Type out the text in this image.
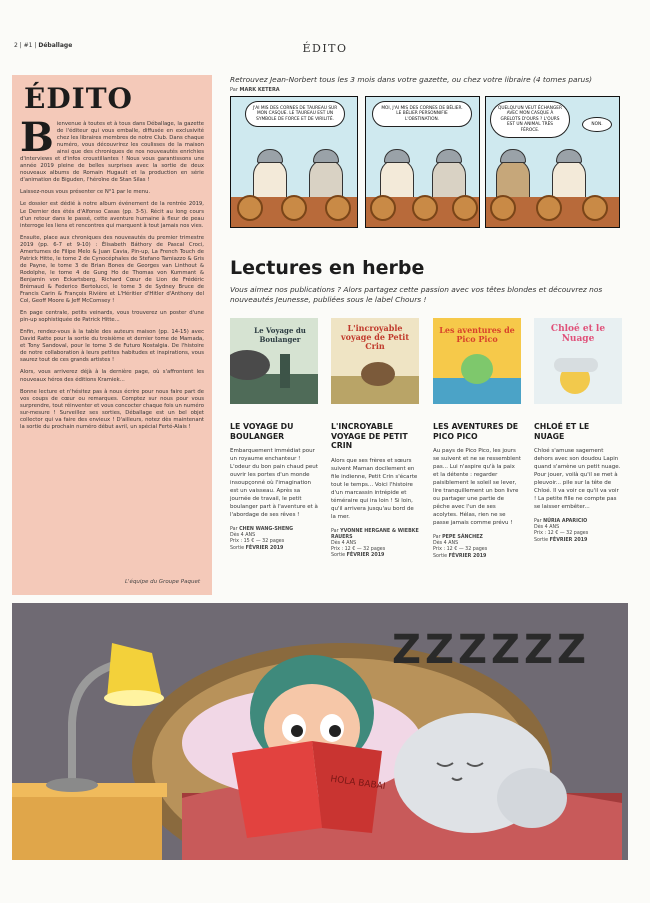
2 | #1 | Déballage	ÉDITO
ÉDITO

Bienvenue à toutes et à tous dans Déballage, la gazette de l'éditeur qui vous emballe, diffusée en exclusivité chez les libraires membres de notre Club. Dans chaque numéro, vous découvrirez les coulisses de la maison ainsi que des chroniques de nos nouveautés enrichies d'interviews et d'infos croustillantes ! Nous vous garantissons une année 2019 pleine de belles surprises avec la sortie de deux nouveaux albums de Romain Hugault et la production en série d'animation de Biguden, l'héroïne de Stan Silas !

Laissez-nous vous présenter ce N°1 par le menu.

Le dossier est dédié à notre album événement de la rentrée 2019, Le Dernier des étés d'Alfonso Casas (pp. 3-5). Récit au long cours d'un retour dans le passé, cette aventure humaine à fleur de peau interroge les liens et rencontres qui marquent à tout jamais nos vies.

Ensuite, place aux chroniques des nouveautés du premier trimestre 2019 (pp. 6-7 et 9-10) : Élisabeth Báthory de Pascal Croci, Amertumes de Filipe Melo & Juan Cavia, Pin-up, La French Touch de Patrick Hitte, le tome 2 de Cynocéphales de Stefano Tamiazzo & Gris de Payne, le tome 3 de Brian Bones de Georges van Linthout & Rodolphe, le tome 4 de Gung Ho de Thomas von Kummant & Benjamin von Eckartsberg, Richard Cœur de Lion de Frédéric Brémaud & Federico Bertolucci, le tome 3 de Sydney Bruce de Francis Carin & François Rivière et L'Héritier d'Hitler d'Anthony del Col, Geoff Moore & Jeff McComsey !

En page centrale, petits veinards, vous trouverez un poster d'une pin-up sophistiquée de Patrick Hitte...

Enfin, rendez-vous à la table des auteurs maison (pp. 14-15) avec David Ratte pour la sortie du troisième et dernier tome de Mamada, et Tony Sandoval, pour le tome 3 de Futuro Nostalgia. De l'histoire de notre collaboration à leurs petites habitudes et inspirations, vous saurez tout de ces grands artistes !

Alors, vous arriverez déjà à la dernière page, où s'affrontent les nouveaux héros des éditions Kramiek...

Bonne lecture et n'hésitez pas à nous écrire pour nous faire part de vos coups de cœur ou remarques. Comptez sur nous pour vous surprendre, tout réinventer et vous concocter chaque fois un numéro sur-mesure ! Surveillez ses sorties, Déballage est un bel objet collector qui va faire des envieux ! D'ailleurs, notez dès maintenant la sortie du prochain numéro début avril, un spécial Ferté-Alais !

L'équipe du Groupe Paquet
Retrouvez Jean-Norbert tous les 3 mois dans votre gazette, ou chez votre libraire (4 tomes parus)
Par MARK KETERA
J'AI MIS DES CORNES DE TAUREAU SUR MON CASQUE. LE TAUREAU EST UN SYMBOLE DE FORCE ET DE VIRILITÉ.
MOI, J'AI MIS DES CORNES DE BÉLIER. LE BÉLIER PERSONNIFIE L'OBSTINATION.
QUELQU'UN VEUT ÉCHANGER AVEC MON CASQUE À GRELOTS D'OURS ? L'OURS EST UN ANIMAL TRÈS FÉROCE.
NON.
Lectures en herbe
Vous aimez nos publications ? Alors partagez cette passion avec vos têtes blondes et découvrez nos nouveautés Jeunesse, publiées sous le label Chours !
Le Voyage du Boulanger
LE VOYAGE DU BOULANGER
Embarquement immédiat pour un royaume enchanteur ! L'odeur du bon pain chaud peut ouvrir les portes d'un monde insoupçonné où l'imagination est un vaisseau. Après sa journée de travail, le petit boulanger part à l'aventure et à l'abordage de ses rêves !
Par CHEN WANG-SHENG
Dès 4 ANS
Prix : 15 € — 32 pages
Sortie FÉVRIER 2019
L'incroyable voyage de Petit Crin
L'INCROYABLE VOYAGE DE PETIT CRIN
Alors que ses frères et sœurs suivent Maman docilement en file indienne, Petit Crin s'écarte tout le temps... Voici l'histoire d'un marcassin intrépide et téméraire qui ira loin ! Si loin, qu'il arrivera jusqu'au bord de la mer.
Par YVONNE HERGANE & WIEBKE RAUERS
Dès 4 ANS
Prix : 12 € — 32 pages
Sortie FÉVRIER 2019
Les aventures de Pico Pico
LES AVENTURES DE PICO PICO
Au pays de Pico Pico, les jours se suivent et ne se ressemblent pas... Lui n'aspire qu'à la paix et la détente : regarder paisiblement le soleil se lever, lire tranquillement un bon livre ou partager une partie de pêche avec l'un de ses acolytes. Hélas, rien ne se passe jamais comme prévu !
Par PEPE SÁNCHEZ
Dès 4 ANS
Prix : 12 € — 32 pages
Sortie FÉVRIER 2019
Chloé et le Nuage
CHLOÉ ET LE NUAGE
Chloé s'amuse sagement dehors avec son doudou Lapin quand s'amène un petit nuage. Pour jouer, voilà qu'il se met à pleuvoir... pile sur la tête de Chloé. Il va voir ce qu'il va voir ! La petite fille ne compte pas se laisser embêter...
Par NÚRIA APARICIO
Dès 4 ANS
Prix : 12 € — 32 pages
Sortie FÉVRIER 2019
HOLA BABAI
ZZZZZZ
